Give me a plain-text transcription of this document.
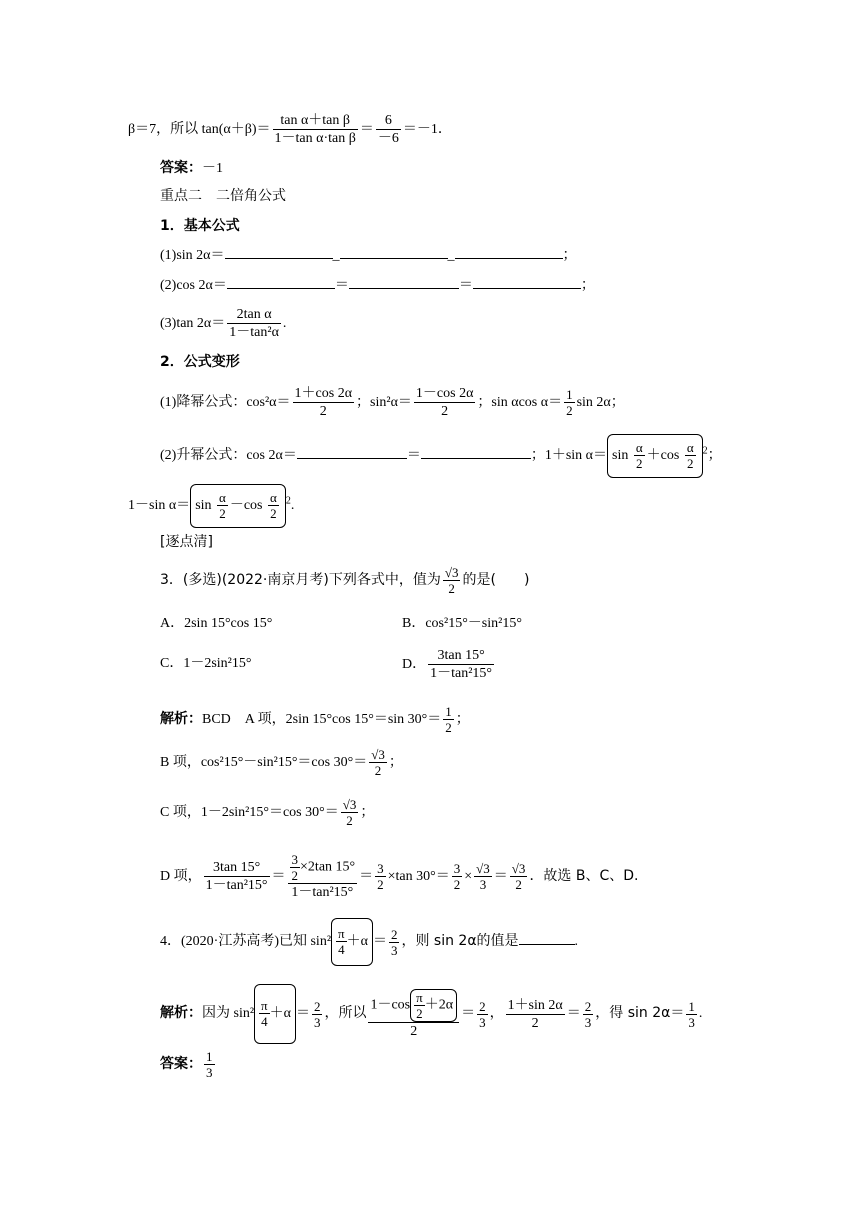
β＝7，所以 $\tan(\alpha+\beta)= \frac{\text{tan α＋tan β}}{\text{1－tan α·tan β}} = \frac{6}{-6} =-1$．
答案：－1
重点二　二倍角公式
1．基本公式
(1)sin 2α＝	_	_	；
(2)cos 2α＝	＝	＝	；
(3)tan $2\alpha= \frac{\text{2tan α}}{\text{1－tan²α}}$ .
2．公式变形
(1)降幂公式：$\cos^2\alpha= \frac{1+\cos 2\alpha}{2}$ ；$\sin^2\alpha= \frac{1-\cos 2\alpha}{2}$ ；sin αcos $\alpha= \frac{1}{2}$ sin 2α；
(2)升幂公式：cos 2α＝	＝	；1＋sin $\alpha= \sin \frac{\alpha}{2} +\cos \frac{\alpha}{2} ^2$；
1－sin $\alpha= \sin \frac{\alpha}{2} -\cos \frac{\alpha}{2} ^2$.
[逐点清]
3．(多选)(2022·南京月考)下列各式中，值为 $\frac{√3}{2}$ 的是(　　)
A．2sin 15°cos 15°	B．cos²15°－sin²15°
C．1－2sin²15°	D． $\frac{3\tan 15^\circ}{\text{1－tan²15°}}$
解析：BCD　A 项，2sin 15°cos 15°＝sin $30^\circ= \frac{1}{2}$ ；
B 项，cos²15°－sin²15°＝cos $30^\circ= \frac{√3}{2}$ ；
C 项，1－2sin²15°＝cos $30^\circ= \frac{√3}{2}$ ；
D 项， $\frac{3\tan 15^\circ}{\text{1－tan²15°}} = \frac{\frac{3}{2} \times 2\tan 15^\circ}{\text{1－tan²15°}} = \frac{3}{2} \times\tan$ $30^\circ= \frac{3}{2} \times \frac{√3}{3} = \frac{√3}{2}$ ．故选 B、C、D.
4．(2020·江苏高考)已知 $\sin^2 \frac{\pi}{4} +\alpha = \frac{2}{3}$ ，则 sin 2α的值是	.
解析：因为 $\sin^2 \frac{\pi}{4} +\alpha = \frac{2}{3}$ ，所以 $\frac{1-\cos \frac{\pi}{2} +2\alpha}{2} = \frac{2}{3}$ ， $\frac{1+\sin 2\alpha}{2} = \frac{2}{3}$ ，得 $\sin 2\alpha= \frac{1}{3}$ .
答案： $\frac{1}{3}$
